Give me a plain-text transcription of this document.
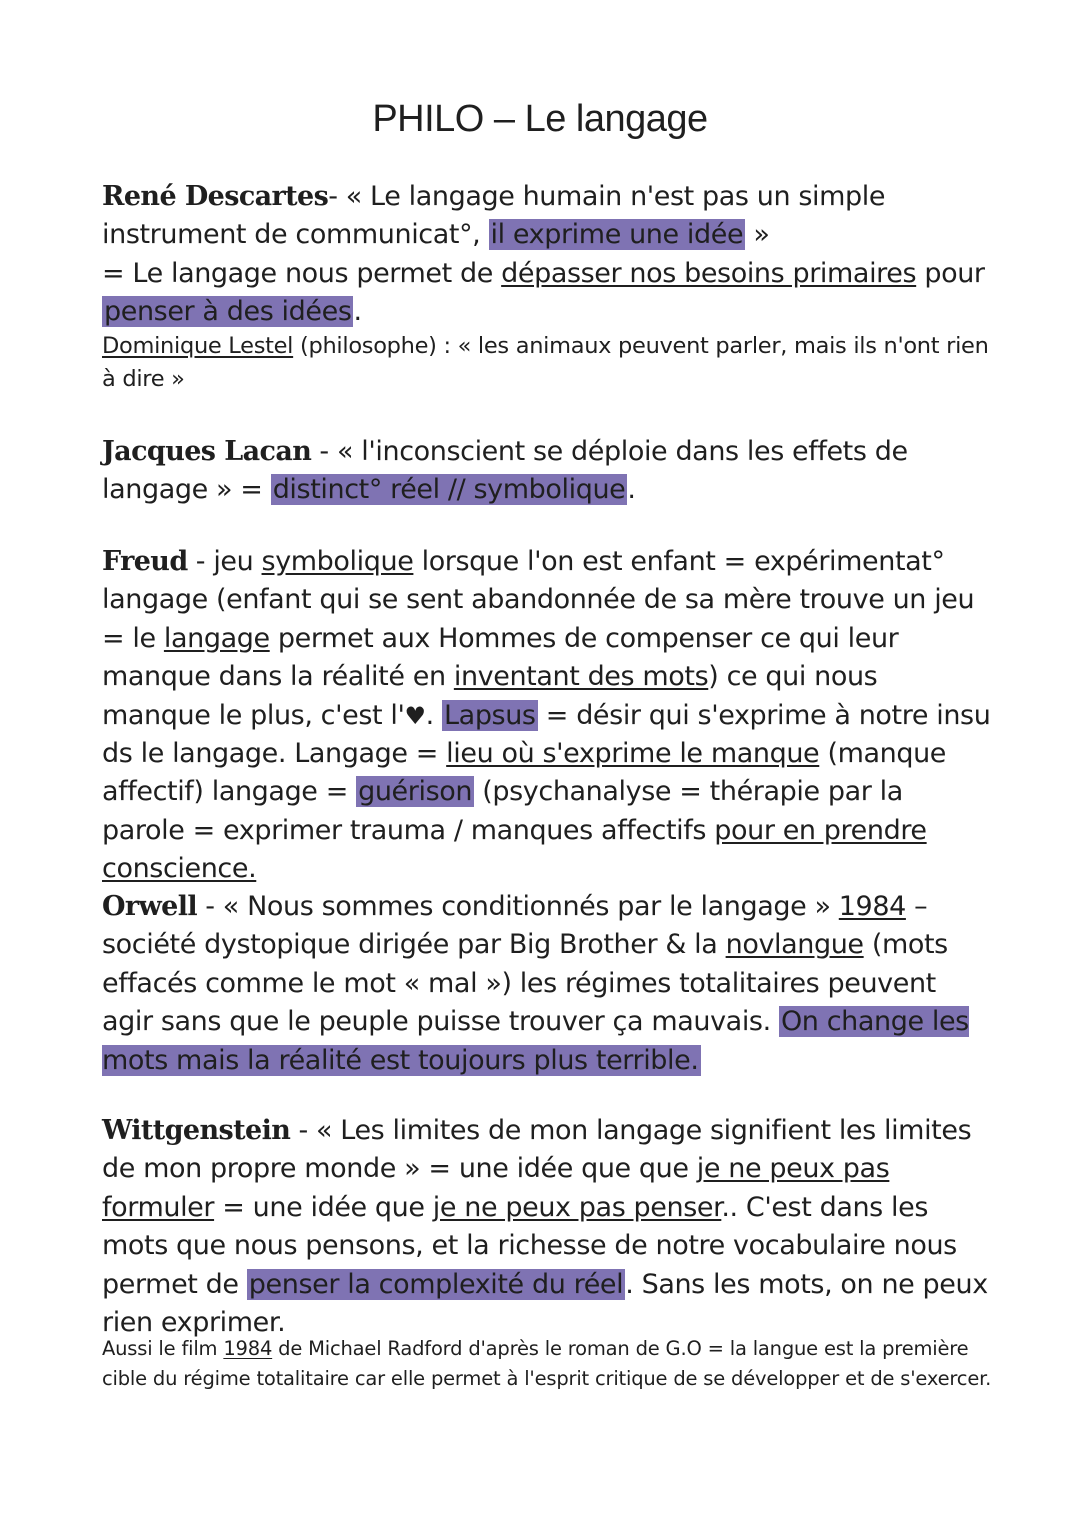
PHILO – Le langage

René Descartes- « Le langage humain n'est pas un simple instrument de communicat°, il exprime une idée »
= Le langage nous permet de dépasser nos besoins primaires pour penser à des idées.

Dominique Lestel (philosophe) : « les animaux peuvent parler, mais ils n'ont rien à dire »

Jacques Lacan - « l'inconscient se déploie dans les effets de langage » = distinct° réel // symbolique.

Freud - jeu symbolique lorsque l'on est enfant = expérimentat° langage (enfant qui se sent abandonnée de sa mère trouve un jeu = le langage permet aux Hommes de compenser ce qui leur manque dans la réalité en inventant des mots) ce qui nous manque le plus, c'est l'♥. Lapsus = désir qui s'exprime à notre insu ds le langage. Langage = lieu où s'exprime le manque (manque affectif) langage = guérison (psychanalyse = thérapie par la parole = exprimer trauma / manques affectifs pour en prendre conscience.

Orwell - « Nous sommes conditionnés par le langage » 1984 – société dystopique dirigée par Big Brother & la novlangue (mots effacés comme le mot « mal ») les régimes totalitaires peuvent agir sans que le peuple puisse trouver ça mauvais. On change les mots mais la réalité est toujours plus terrible.

Wittgenstein - « Les limites de mon langage signifient les limites de mon propre monde » = une idée que que je ne peux pas formuler = une idée que je ne peux pas penser.. C'est dans les mots que nous pensons, et la richesse de notre vocabulaire nous permet de penser la complexité du réel. Sans les mots, on ne peux rien exprimer.

Aussi le film 1984 de Michael Radford d'après le roman de G.O = la langue est la première cible du régime totalitaire car elle permet à l'esprit critique de se développer et de s'exercer.
